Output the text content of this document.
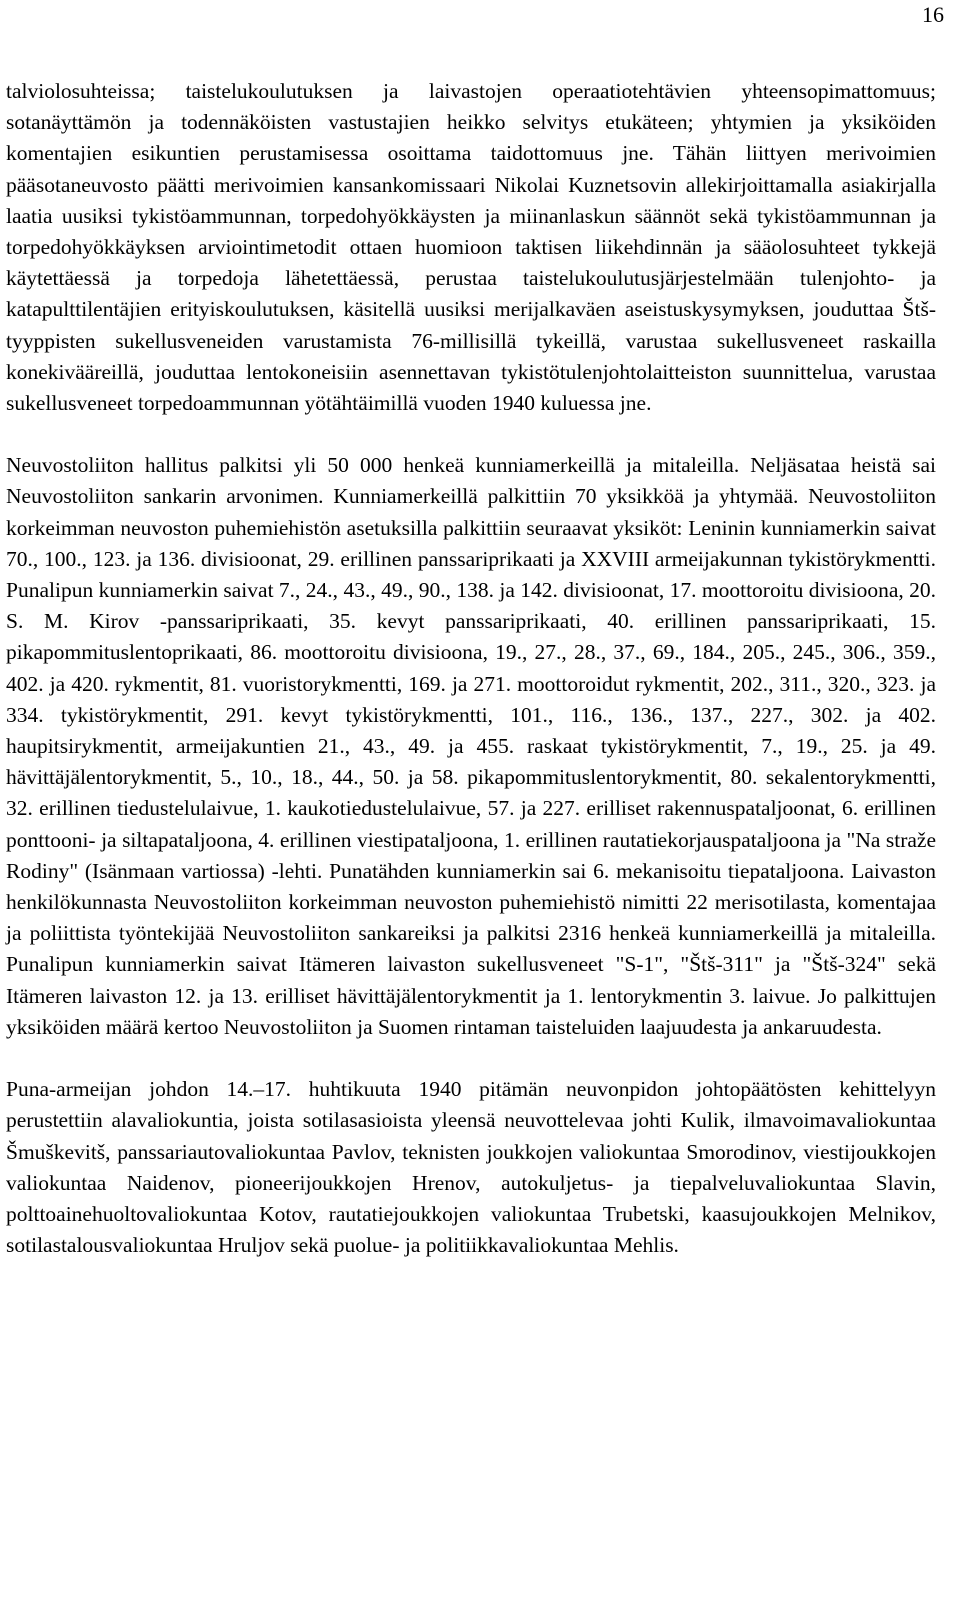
16

talviolosuhteissa; taistelukoulutuksen ja laivastojen operaatiotehtävien yhteensopimattomuus; sotanäyttämön ja todennäköisten vastustajien heikko selvitys etukäteen; yhtymien ja yksiköiden komentajien esikuntien perustamisessa osoittama taidottomuus jne. Tähän liittyen merivoimien pääsotaneuvosto päätti merivoimien kansankomissaari Nikolai Kuznetsovin allekirjoittamalla asiakirjalla laatia uusiksi tykistöammunnan, torpedohyökkäysten ja miinanlaskun säännöt sekä tykistöammunnan ja torpedohyökkäyksen arviointimetodit ottaen huomioon taktisen liikehdinnän ja sääolosuhteet tykkejä käytettäessä ja torpedoja lähetettäessä, perustaa taistelukoulutusjärjestelmään tulenjohto- ja katapulttilentäjien erityiskoulutuksen, käsitellä uusiksi merijalkaväen aseistuskysymyksen, jouduttaa Štš-tyyppisten sukellusveneiden varustamista 76-millisillä tykeillä, varustaa sukellusveneet raskailla konekivääreillä, jouduttaa lentokoneisiin asennettavan tykistötulenjohtolaitteiston suunnittelua, varustaa sukellusveneet torpedoammunnan yötähtäimillä vuoden 1940 kuluessa jne.

Neuvostoliiton hallitus palkitsi yli 50 000 henkeä kunniamerkeillä ja mitaleilla. Neljäsataa heistä sai Neuvostoliiton sankarin arvonimen. Kunniamerkeillä palkittiin 70 yksikköä ja yhtymää. Neuvostoliiton korkeimman neuvoston puhemiehistön asetuksilla palkittiin seuraavat yksiköt: Leninin kunniamerkin saivat 70., 100., 123. ja 136. divisioonat, 29. erillinen panssariprikaati ja XXVIII armeijakunnan tykistörykmentti. Punalipun kunniamerkin saivat 7., 24., 43., 49., 90., 138. ja 142. divisioonat, 17. moottoroitu divisioona, 20. S. M. Kirov -panssariprikaati, 35. kevyt panssariprikaati, 40. erillinen panssariprikaati, 15. pikapommituslentoprikaati, 86. moottoroitu divisioona, 19., 27., 28., 37., 69., 184., 205., 245., 306., 359., 402. ja 420. rykmentit, 81. vuoristorykmentti, 169. ja 271. moottoroidut rykmentit, 202., 311., 320., 323. ja 334. tykistörykmentit, 291. kevyt tykistörykmentti, 101., 116., 136., 137., 227., 302. ja 402. haupitsirykmentit, armeijakuntien 21., 43., 49. ja 455. raskaat tykistörykmentit, 7., 19., 25. ja 49. hävittäjälentorykmentit, 5., 10., 18., 44., 50. ja 58. pikapommituslentorykmentit, 80. sekalentorykmentti, 32. erillinen tiedustelulaivue, 1. kaukotiedustelulaivue, 57. ja 227. erilliset rakennuspataljoonat, 6. erillinen ponttooni- ja siltapataljoona, 4. erillinen viestipataljoona, 1. erillinen rautatiekorjauspataljoona ja "Na straže Rodiny" (Isänmaan vartiossa) -lehti. Punatähden kunniamerkin sai 6. mekanisoitu tiepataljoona. Laivaston henkilökunnasta Neuvostoliiton korkeimman neuvoston puhemiehistö nimitti 22 merisotilasta, komentajaa ja poliittista työntekijää Neuvostoliiton sankareiksi ja palkitsi 2316 henkeä kunniamerkeillä ja mitaleilla. Punalipun kunniamerkin saivat Itämeren laivaston sukellusveneet "S-1", "Štš-311" ja "Štš-324" sekä Itämeren laivaston 12. ja 13. erilliset hävittäjälentorykmentit ja 1. lentorykmentin 3. laivue. Jo palkittujen yksiköiden määrä kertoo Neuvostoliiton ja Suomen rintaman taisteluiden laajuudesta ja ankaruudesta.

Puna-armeijan johdon 14.–17. huhtikuuta 1940 pitämän neuvonpidon johtopäätösten kehittelyyn perustettiin alavaliokuntia, joista sotilasasioista yleensä neuvottelevaa johti Kulik, ilmavoimavaliokuntaa Šmuškevitš, panssariautovaliokuntaa Pavlov, teknisten joukkojen valiokuntaa Smorodinov, viestijoukkojen valiokuntaa Naidenov, pioneerijoukkojen Hrenov, autokuljetus- ja tiepalveluvaliokuntaa Slavin, polttoainehuoltovaliokuntaa Kotov, rautatiejoukkojen valiokuntaa Trubetski, kaasujoukkojen Melnikov, sotilastalousvaliokuntaa Hruljov sekä puolue- ja politiikkavaliokuntaa Mehlis.
